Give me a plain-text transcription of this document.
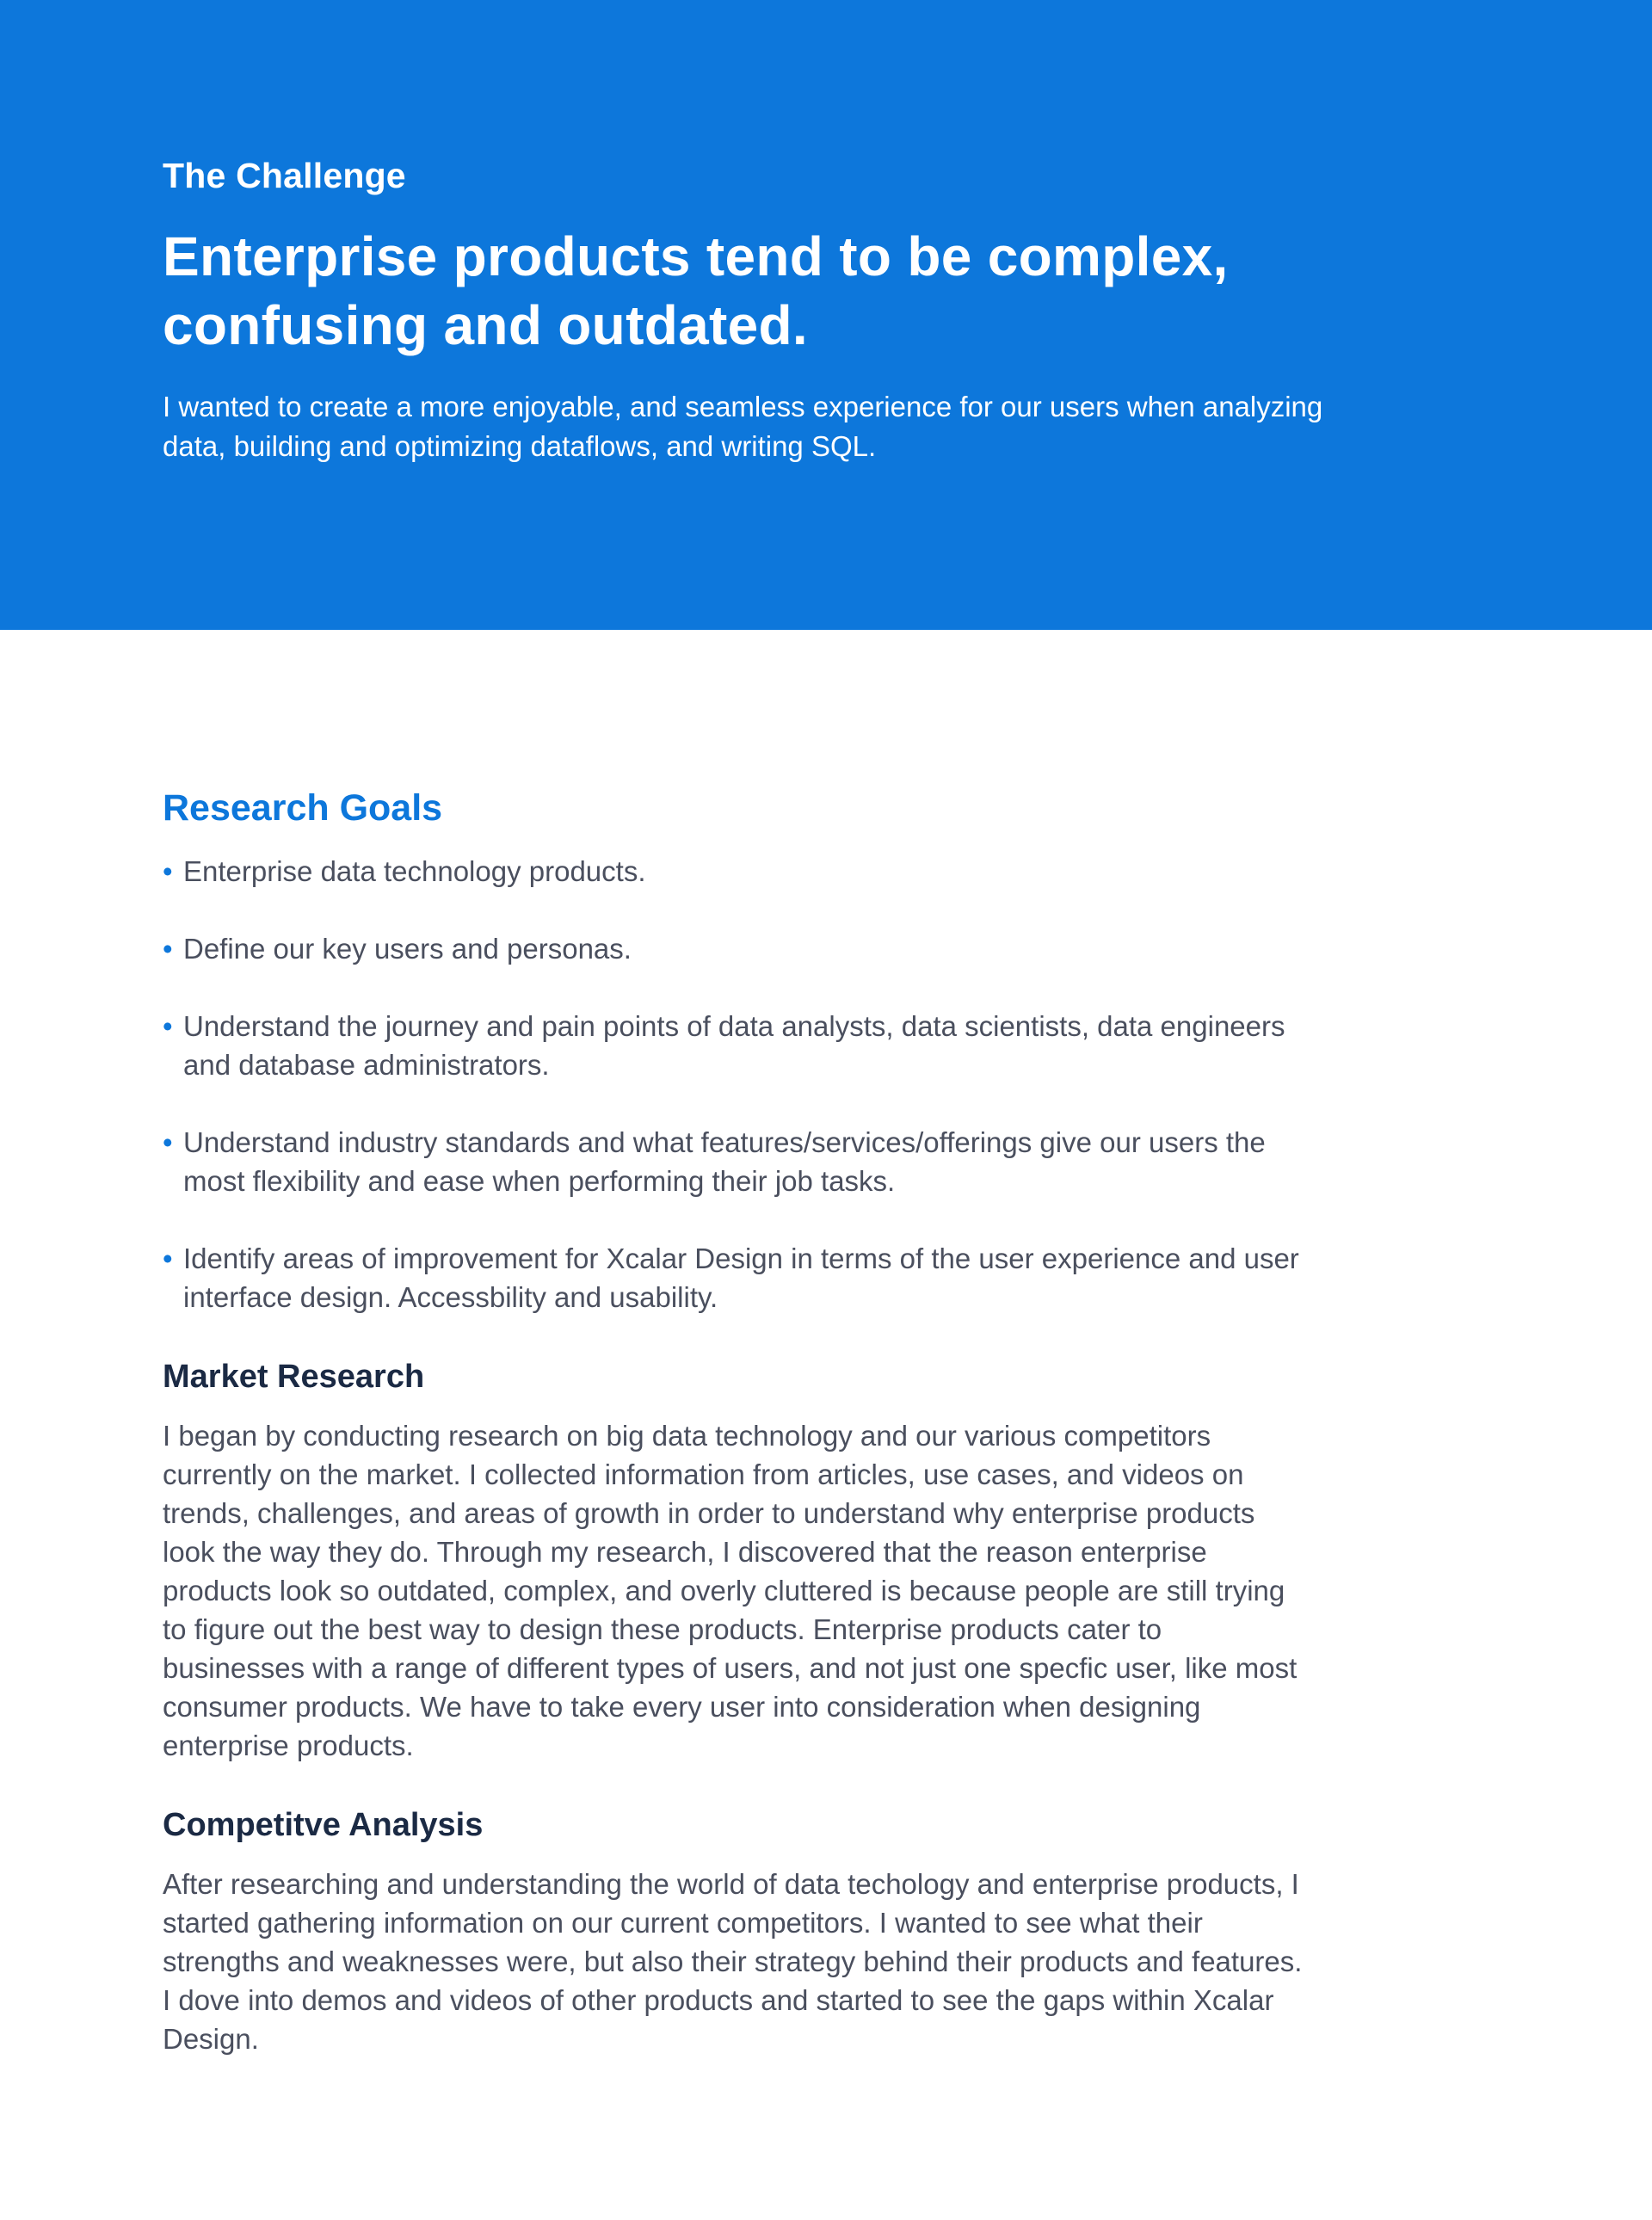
The Challenge
Enterprise products tend to be complex, confusing and outdated.

I wanted to create a more enjoyable, and seamless experience for our users when analyzing data, building and optimizing dataflows, and writing SQL.

Research Goals
• Enterprise data technology products.
• Define our key users and personas.
• Understand the journey and pain points of data analysts, data scientists, data engineers and database administrators.
• Understand industry standards and what features/services/offerings give our users the most flexibility and ease when performing their job tasks.
• Identify areas of improvement for Xcalar Design in terms of the user experience and user interface design. Accessbility and usability.
Market Research

I began by conducting research on big data technology and our various competitors currently on the market. I collected information from articles, use cases, and videos on trends, challenges, and areas of growth in order to understand why enterprise products look the way they do. Through my research, I discovered that the reason enterprise products look so outdated, complex, and overly cluttered is because people are still trying to figure out the best way to design these products. Enterprise products cater to businesses with a range of different types of users, and not just one specfic user, like most consumer products. We have to take every user into consideration when designing enterprise products.

Competitve Analysis

After researching and understanding the world of data techology and enterprise products, I started gathering information on our current competitors. I wanted to see what their strengths and weaknesses were, but also their strategy behind their products and features. I dove into demos and videos of other products and started to see the gaps within Xcalar Design.
